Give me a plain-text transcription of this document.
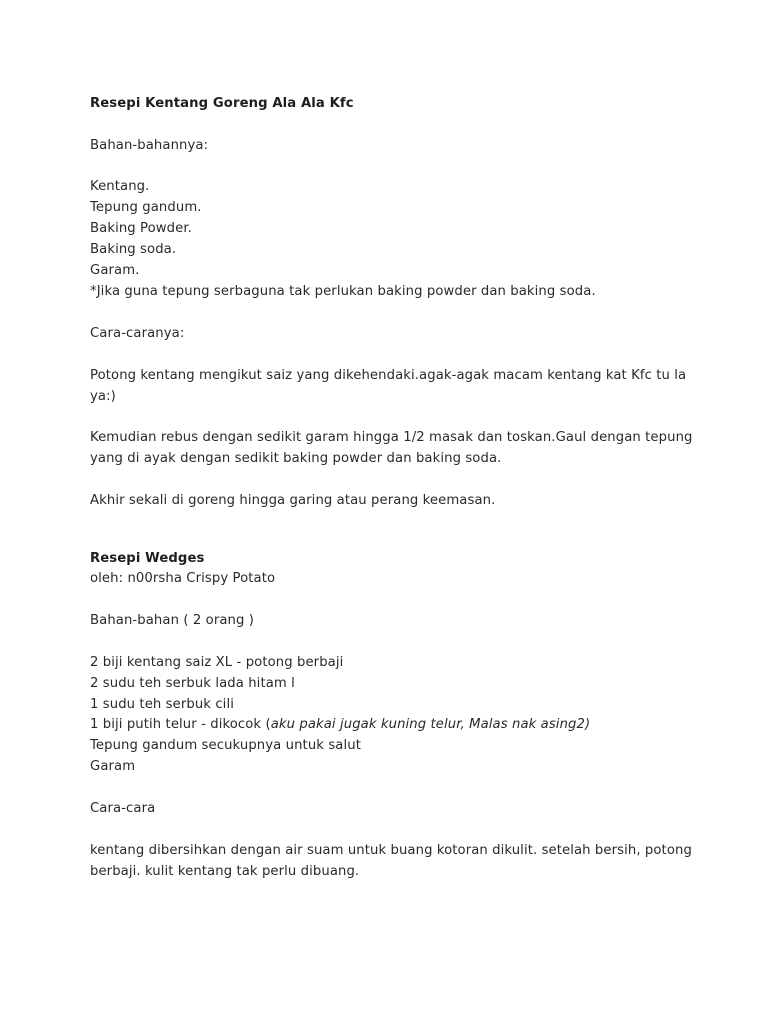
Resepi Kentang Goreng Ala Ala Kfc
Bahan-bahannya:
Kentang.
Tepung gandum.
Baking Powder.
Baking soda.
Garam.
*Jika guna tepung serbaguna tak perlukan baking powder dan baking soda.
Cara-caranya:
Potong kentang mengikut saiz yang dikehendaki.agak-agak macam kentang kat Kfc tu la
ya:)
Kemudian rebus dengan sedikit garam hingga 1/2 masak dan toskan.Gaul dengan tepung
yang di ayak dengan sedikit baking powder dan baking soda.
Akhir sekali di goreng hingga garing atau perang keemasan.
Resepi Wedges
oleh: n00rsha Crispy Potato
Bahan-bahan ( 2 orang )
2 biji kentang saiz XL - potong berbaji
2 sudu teh serbuk lada hitam l
1 sudu teh serbuk cili
1 biji putih telur - dikocok (aku pakai jugak kuning telur, Malas nak asing2)
Tepung gandum secukupnya untuk salut
Garam
Cara-cara
kentang dibersihkan dengan air suam untuk buang kotoran dikulit. setelah bersih, potong
berbaji. kulit kentang tak perlu dibuang.
